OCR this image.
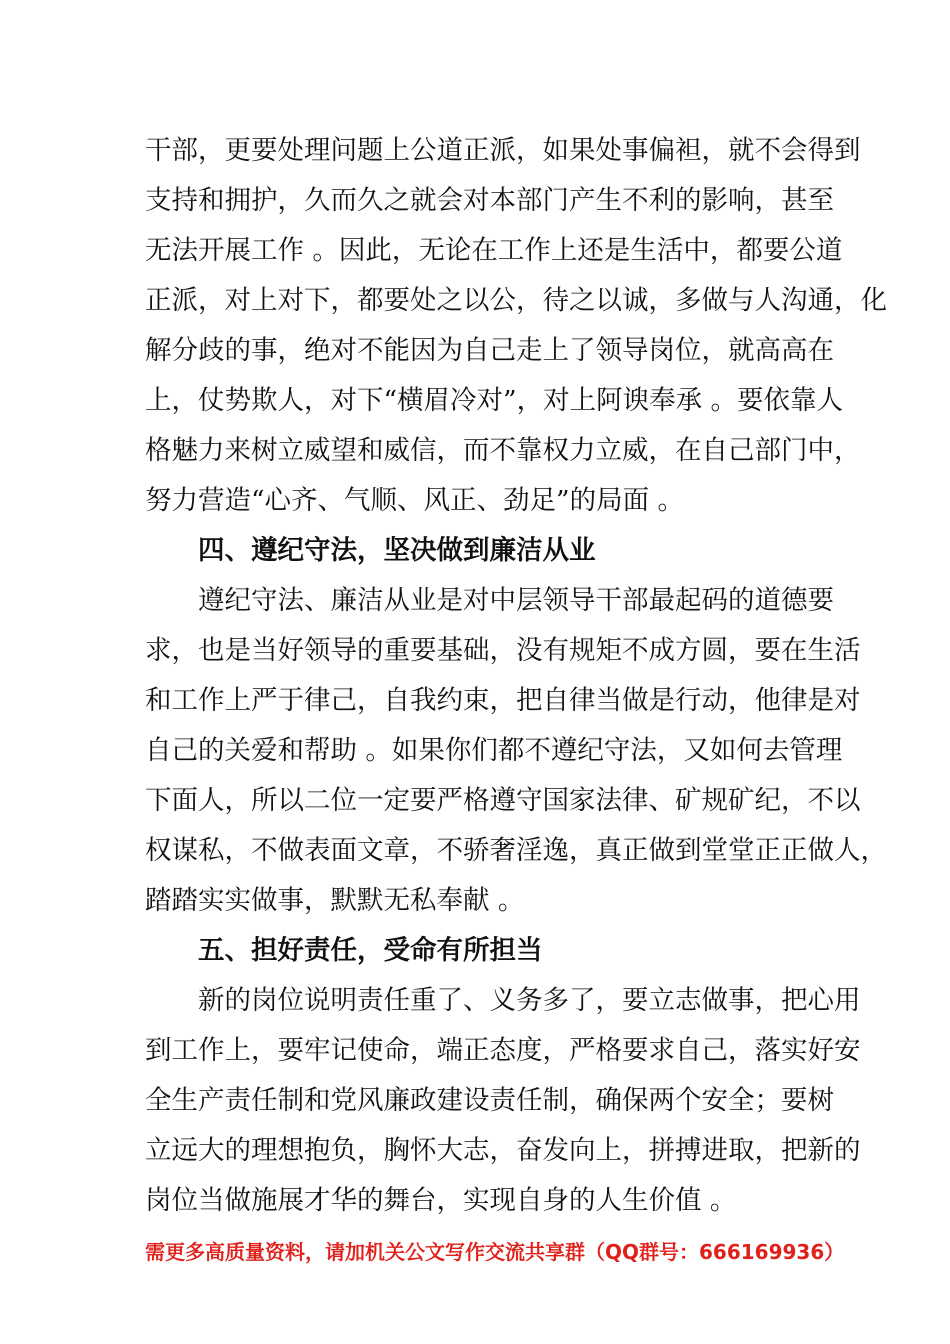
干部，更要处理问题上公道正派，如果处事偏袒，就不会得到
支持和拥护，久而久之就会对本部门产生不利的影响，甚至
无法开展工作 。因此，无论在工作上还是生活中，都要公道
正派，对上对下，都要处之以公，待之以诚，多做与人沟通，化
解分歧的事，绝对不能因为自己走上了领导岗位，就高高在
上，仗势欺人，对下“横眉冷对”，对上阿谀奉承 。要依靠人
格魅力来树立威望和威信，而不靠权力立威，在自己部门中，
努力营造“心齐、气顺、风正、劲足”的局面 。
四、遵纪守法，坚决做到廉洁从业
遵纪守法、廉洁从业是对中层领导干部最起码的道德要
求，也是当好领导的重要基础，没有规矩不成方圆，要在生活
和工作上严于律己，自我约束，把自律当做是行动，他律是对
自己的关爱和帮助 。如果你们都不遵纪守法，又如何去管理
下面人，所以二位一定要严格遵守国家法律、矿规矿纪，不以
权谋私，不做表面文章，不骄奢淫逸，真正做到堂堂正正做人，
踏踏实实做事，默默无私奉献 。
五、担好责任，受命有所担当
新的岗位说明责任重了、义务多了，要立志做事，把心用
到工作上，要牢记使命，端正态度，严格要求自己，落实好安
全生产责任制和党风廉政建设责任制，确保两个安全；要树
立远大的理想抱负，胸怀大志，奋发向上，拼搏进取，把新的
岗位当做施展才华的舞台，实现自身的人生价值 。
需更多高质量资料，请加机关公文写作交流共享群（QQ群号：666169936）
